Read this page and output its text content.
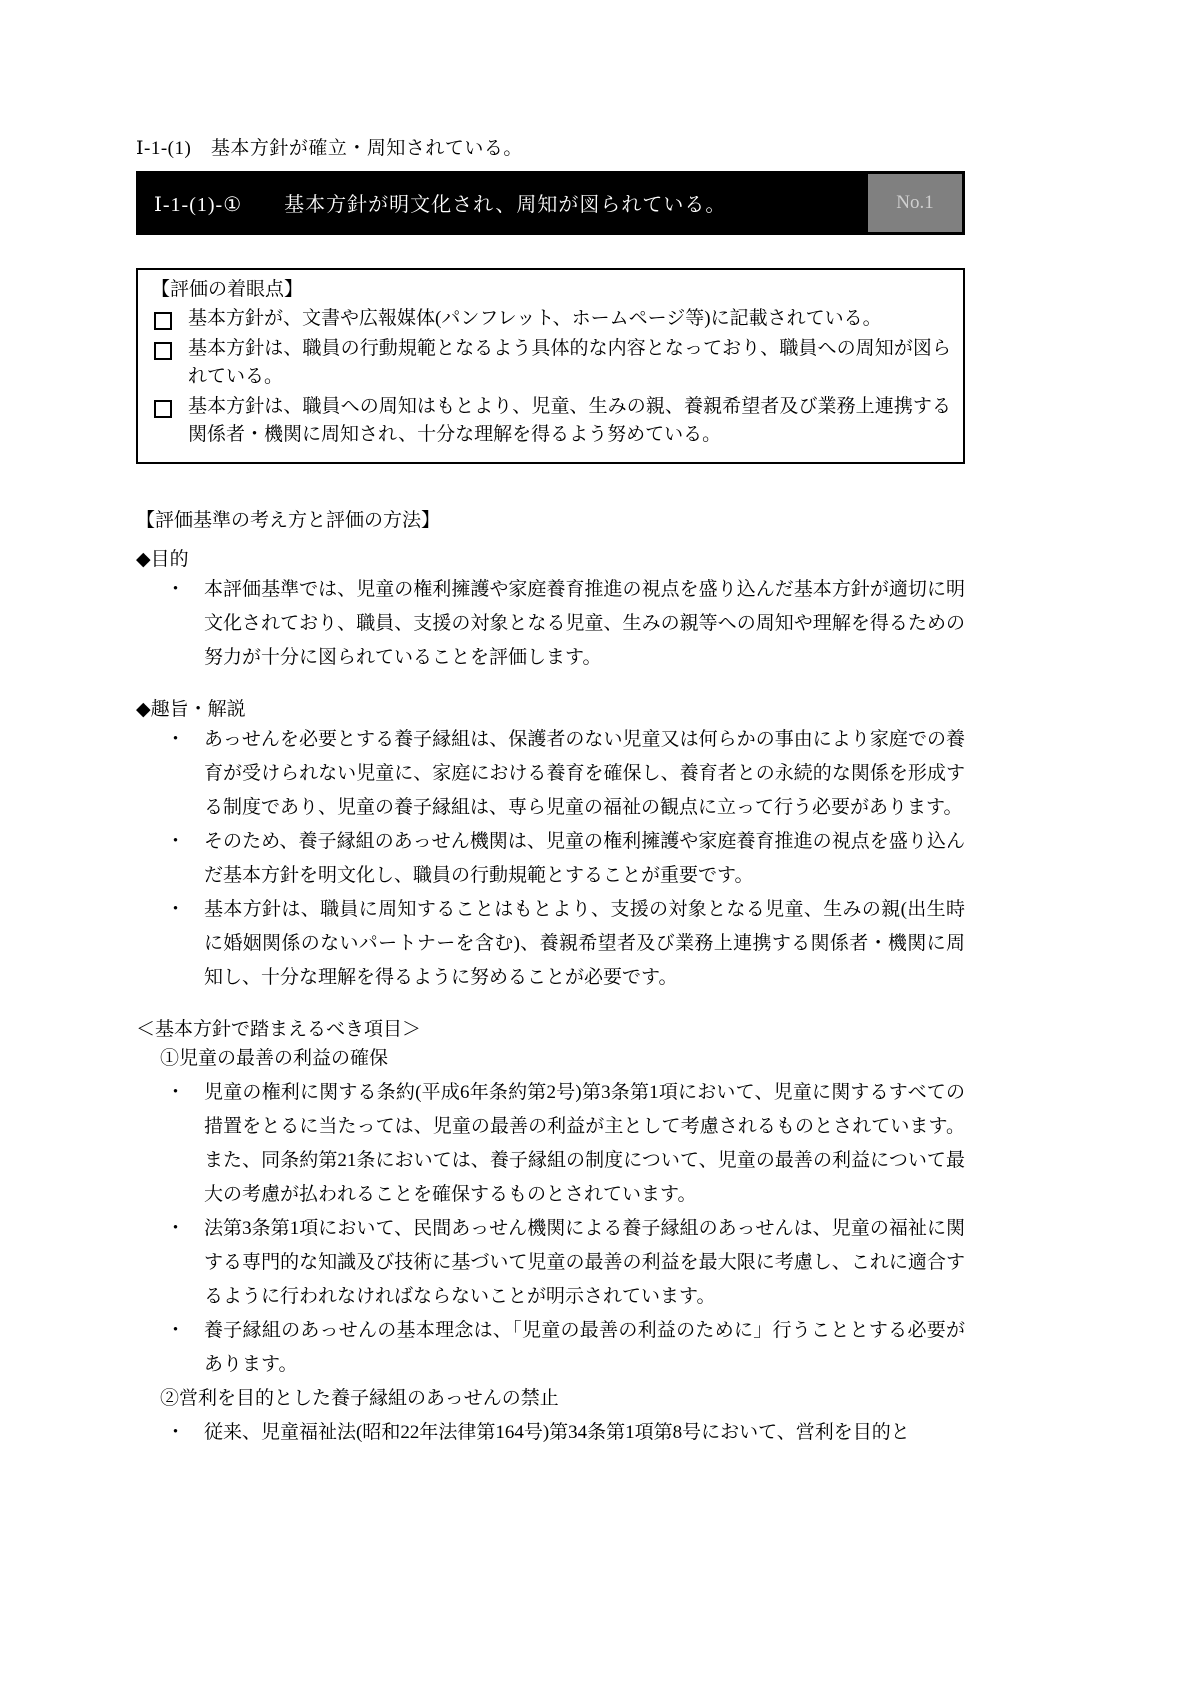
Ⅰ-1-(1)　基本方針が確立・周知されている。
Ⅰ-1-(1)-①　　基本方針が明文化され、周知が図られている。	No.1
【評価の着眼点】
基本方針が、文書や広報媒体(パンフレット、ホームページ等)に記載されている。
基本方針は、職員の行動規範となるよう具体的な内容となっており、職員への周知が図られている。
基本方針は、職員への周知はもとより、児童、生みの親、養親希望者及び業務上連携する関係者・機関に周知され、十分な理解を得るよう努めている。
【評価基準の考え方と評価の方法】
◆目的
・ 本評価基準では、児童の権利擁護や家庭養育推進の視点を盛り込んだ基本方針が適切に明文化されており、職員、支援の対象となる児童、生みの親等への周知や理解を得るための努力が十分に図られていることを評価します。
◆趣旨・解説
・ あっせんを必要とする養子縁組は、保護者のない児童又は何らかの事由により家庭での養育が受けられない児童に、家庭における養育を確保し、養育者との永続的な関係を形成する制度であり、児童の養子縁組は、専ら児童の福祉の観点に立って行う必要があります。
・ そのため、養子縁組のあっせん機関は、児童の権利擁護や家庭養育推進の視点を盛り込んだ基本方針を明文化し、職員の行動規範とすることが重要です。
・ 基本方針は、職員に周知することはもとより、支援の対象となる児童、生みの親(出生時に婚姻関係のないパートナーを含む)、養親希望者及び業務上連携する関係者・機関に周知し、十分な理解を得るように努めることが必要です。
＜基本方針で踏まえるべき項目＞
①児童の最善の利益の確保
・ 児童の権利に関する条約(平成6年条約第2号)第3条第1項において、児童に関するすべての措置をとるに当たっては、児童の最善の利益が主として考慮されるものとされています。また、同条約第21条においては、養子縁組の制度について、児童の最善の利益について最大の考慮が払われることを確保するものとされています。
・ 法第3条第1項において、民間あっせん機関による養子縁組のあっせんは、児童の福祉に関する専門的な知識及び技術に基づいて児童の最善の利益を最大限に考慮し、これに適合するように行われなければならないことが明示されています。
・ 養子縁組のあっせんの基本理念は、「児童の最善の利益のために」行うこととする必要があります。
②営利を目的とした養子縁組のあっせんの禁止
・ 従来、児童福祉法(昭和22年法律第164号)第34条第1項第8号において、営利を目的と
